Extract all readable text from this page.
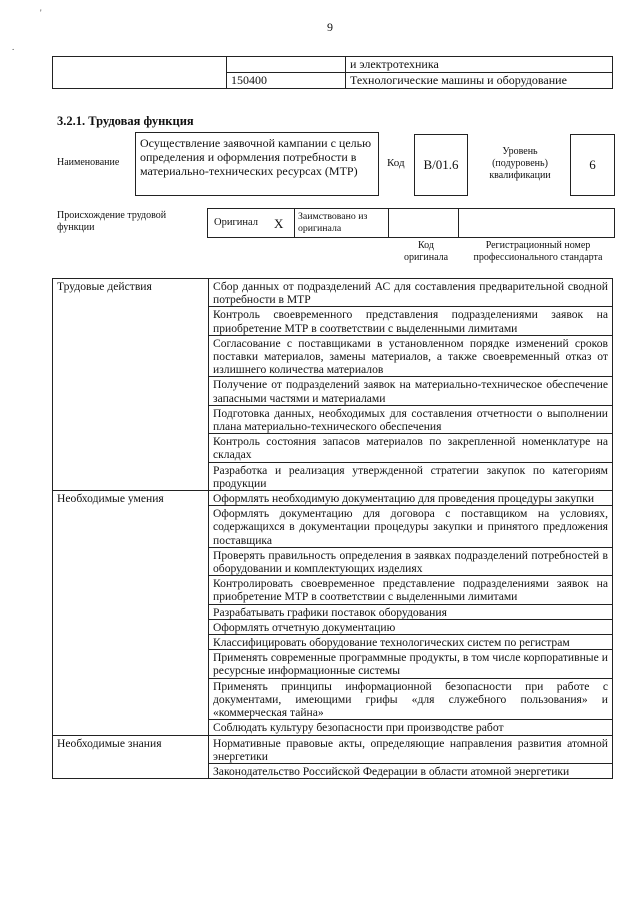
9
'
.
		и электротехника
	150400	Технологические машины и оборудование
3.2.1. Трудовая функция
Наименование
Осуществление заявочной кампании с целью определения и оформления потребности в материально-технических ресурсах (МТР)
Код	B/01.6
Уровень (подуровень) квалификации
6
Происхождение трудовой функции	Оригинал X Заимствовано из оригинала
Код оригинала
Регистрационный номер профессионального стандарта
Трудовые действия	Сбор данных от подразделений АС для составления предварительной сводной потребности в МТР
	Контроль своевременного представления подразделениями заявок на приобретение МТР в соответствии с выделенными лимитами
	Согласование с поставщиками в установленном порядке изменений сроков поставки материалов, замены материалов, а также своевременный отказ от излишнего количества материалов
	Получение от подразделений заявок на материально-техническое обеспечение запасными частями и материалами
	Подготовка данных, необходимых для составления отчетности о выполнении плана материально-технического обеспечения
	Контроль состояния запасов материалов по закрепленной номенклатуре на складах
	Разработка и реализация утвержденной стратегии закупок по категориям продукции
Необходимые умения	Оформлять необходимую документацию для проведения процедуры закупки
	Оформлять документацию для договора с поставщиком на условиях, содержащихся в документации процедуры закупки и принятого предложения поставщика
	Проверять правильность определения в заявках подразделений потребностей в оборудовании и комплектующих изделиях
	Контролировать своевременное представление подразделениями заявок на приобретение МТР в соответствии с выделенными лимитами
	Разрабатывать графики поставок оборудования
	Оформлять отчетную документацию
	Классифицировать оборудование технологических систем по регистрам
	Применять современные программные продукты, в том числе корпоративные и ресурсные информационные системы
	Применять принципы информационной безопасности при работе с документами, имеющими грифы «для служебного пользования» и «коммерческая тайна»
	Соблюдать культуру безопасности при производстве работ
Необходимые знания	Нормативные правовые акты, определяющие направления развития атомной энергетики
	Законодательство Российской Федерации в области атомной энергетики
